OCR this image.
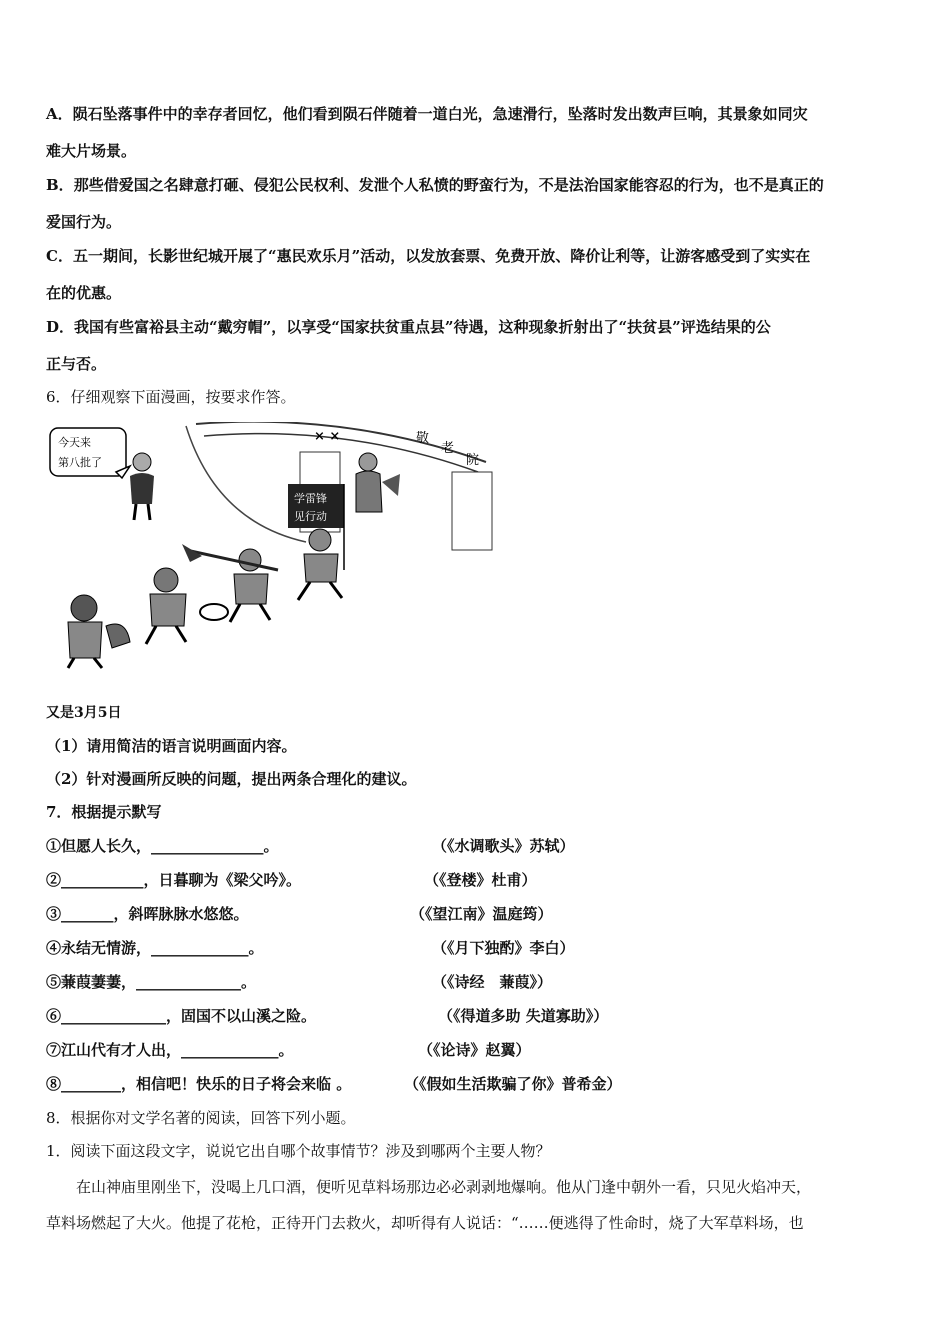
A．陨石坠落事件中的幸存者回忆，他们看到陨石伴随着一道白光，急速滑行，坠落时发出数声巨响，其景象如同灾
难大片场景。
B．那些借爱国之名肆意打砸、侵犯公民权利、发泄个人私愤的野蛮行为，不是法治国家能容忍的行为，也不是真正的
爱国行为。
C．五一期间，长影世纪城开展了“惠民欢乐月”活动，以发放套票、免费开放、降价让利等，让游客感受到了实实在
在的优惠。
D．我国有些富裕县主动“戴穷帽”，以享受“国家扶贫重点县”待遇，这种现象折射出了“扶贫县”评选结果的公
正与否。
6．仔细观察下面漫画，按要求作答。
今天来
第八批了
敬
老
院
× ×
学雷锋
见行动
又是3月5日
（1）请用简洁的语言说明画面内容。
（2）针对漫画所反映的问题，提出两条合理化的建议。
7．根据提示默写
①但愿人长久，_______________。	（《水调歌头》苏轼）
②___________，日暮聊为《梁父吟》。	（《登楼》杜甫）
③_______，斜晖脉脉水悠悠。	（《望江南》温庭筠）
④永结无情游，_____________。	（《月下独酌》李白）
⑤蒹葭萋萋，______________。	（《诗经　蒹葭》）
⑥______________，固国不以山溪之险。	（《得道多助 失道寡助》）
⑦江山代有才人出，_____________。	（《论诗》赵翼）
⑧________，相信吧！快乐的日子将会来临 。	（《假如生活欺骗了你》普希金）
8．根据你对文学名著的阅读，回答下列小题。
1．阅读下面这段文字，说说它出自哪个故事情节？涉及到哪两个主要人物？
在山神庙里刚坐下，没喝上几口酒，便听见草料场那边必必剥剥地爆响。他从门逢中朝外一看，只见火焰冲天，
草料场燃起了大火。他提了花枪，正待开门去救火，却听得有人说话：“……便逃得了性命时，烧了大军草料场，也
